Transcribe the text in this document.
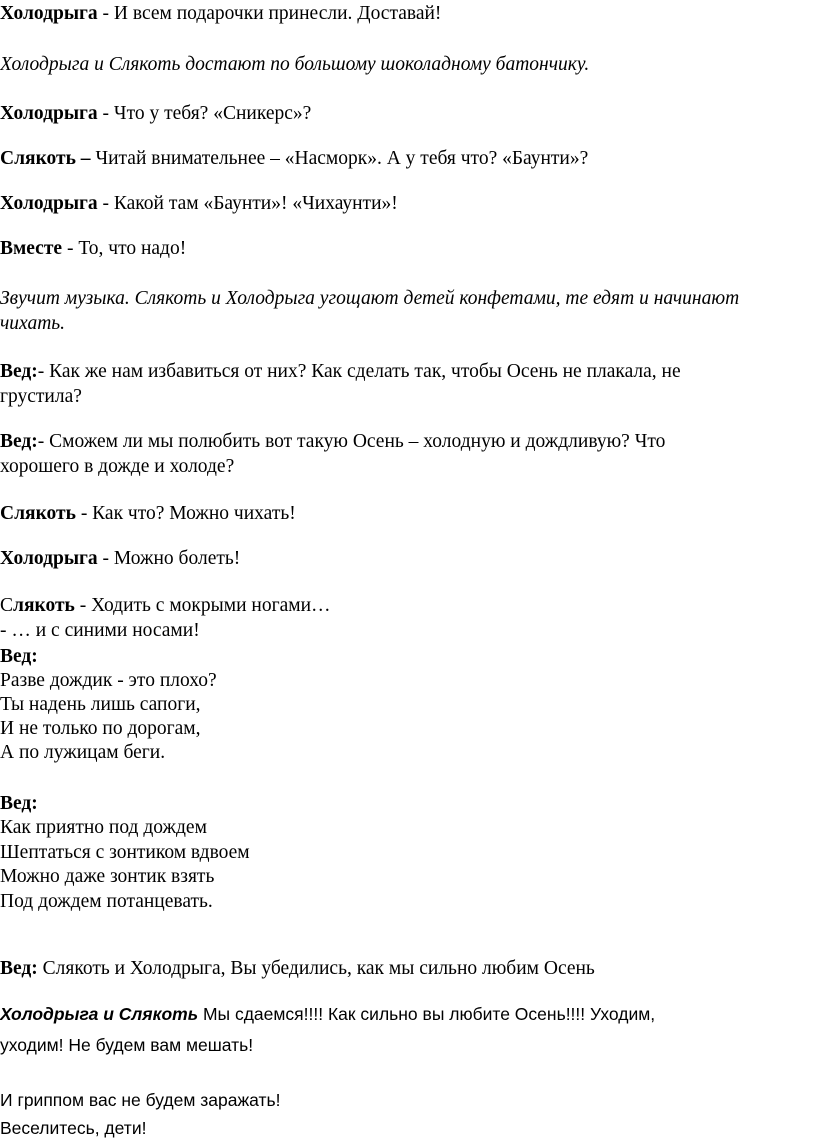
Холодрыга - И всем подарочки принесли. Доставай!
Холодрыга и Слякоть достают по большому шоколадному батончику.
Холодрыга - Что у тебя? «Сникерс»?
Слякоть – Читай внимательнее – «Насморк». А у тебя что? «Баунти»?
Холодрыга - Какой там «Баунти»! «Чихаунти»!
Вместе - То, что надо!
Звучит музыка. Слякоть и Холодрыга угощают детей конфетами, те едят и начинают
чихать.
Вед:- Как же нам избавиться от них? Как сделать так, чтобы Осень не плакала, не
грустила?
Вед:- Сможем ли мы полюбить вот такую Осень – холодную и дождливую? Что
хорошего в дожде и холоде?
Слякоть - Как что? Можно чихать!
Холодрыга - Можно болеть!
Слякоть - Ходить с мокрыми ногами…
- … и с синими носами!
Вед:
Разве дождик - это плохо?
Ты надень лишь сапоги,
И не только по дорогам,
А по лужицам беги.
Вед:
Как приятно под дождем
Шептаться с зонтиком вдвоем
Можно даже зонтик взять
Под дождем потанцевать.
Вед: Слякоть и Холодрыга, Вы убедились, как мы сильно любим Осень
Холодрыга и Слякоть Мы сдаемся!!!! Как сильно вы любите Осень!!!! Уходим,
уходим! Не будем вам мешать!
И гриппом вас не будем заражать!
Веселитесь, дети!
